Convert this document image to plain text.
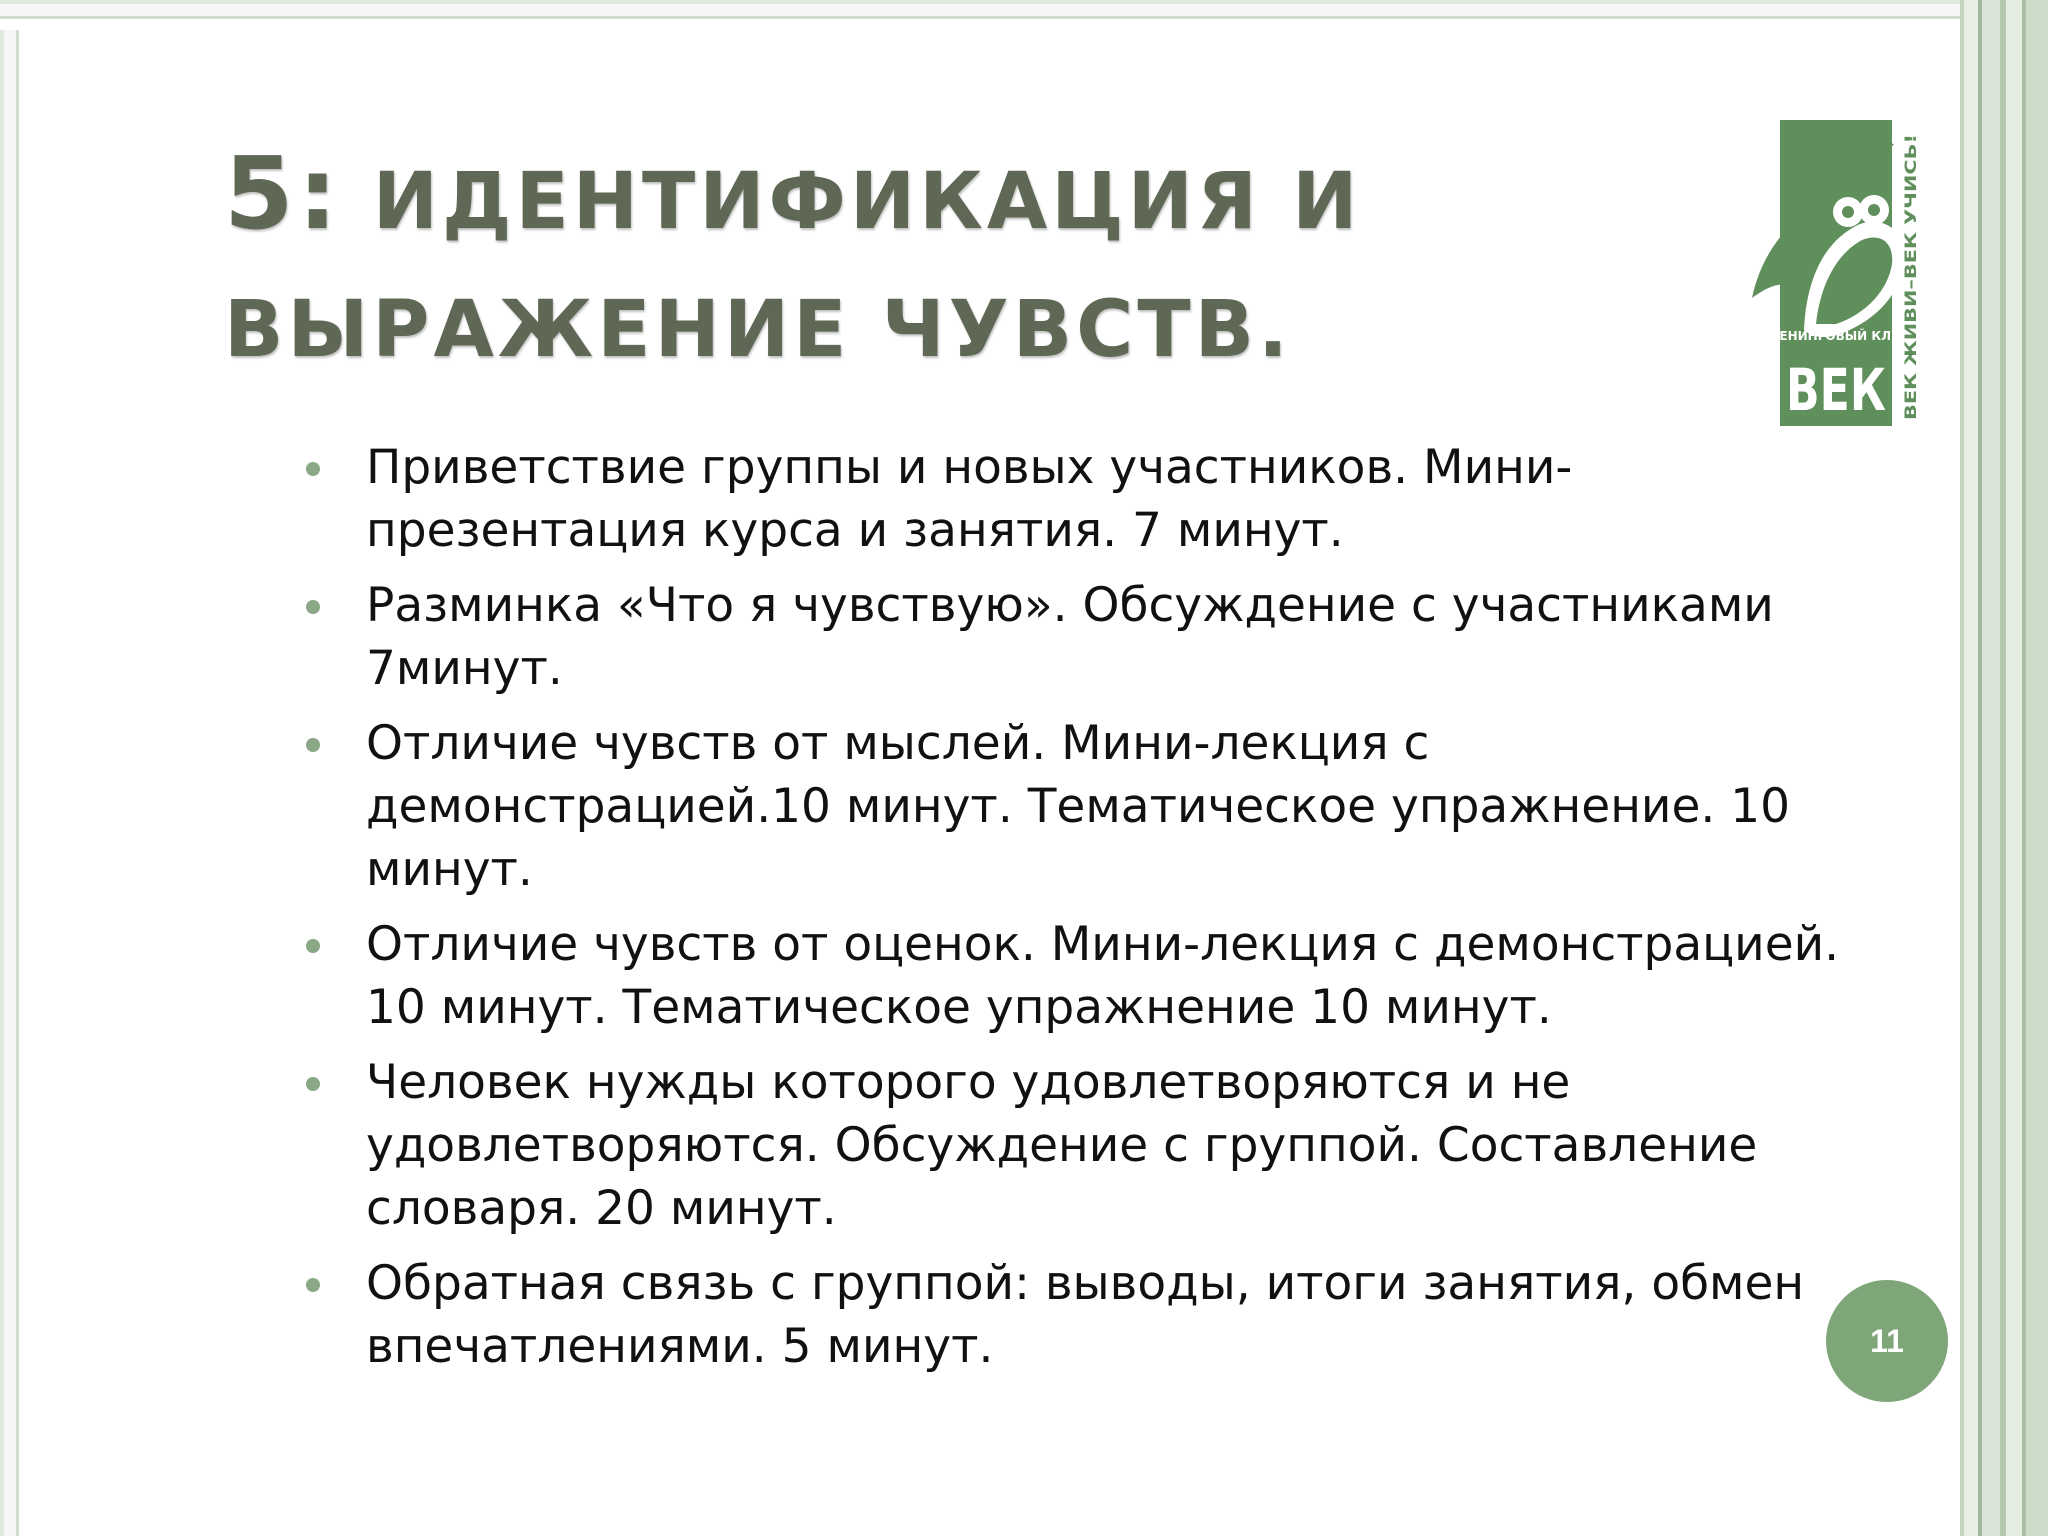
5: ИДЕНТИФИКАЦИЯ И
ВЫРАЖЕНИЕ ЧУВСТВ.	ТРЕНИНГОВЫЙ КЛУБ
ВЕК ВЕК ЖИВИ–ВЕК УЧИСЬ!
Приветствие группы и новых участников. Мини-презентация курса и занятия. 7 минут.
Разминка «Что я чувствую». Обсуждение с участниками 7минут.
Отличие чувств от мыслей. Мини-лекция с демонстрацией.10 минут. Тематическое упражнение. 10 минут.
Отличие чувств от оценок. Мини-лекция с демонстрацией. 10 минут. Тематическое упражнение 10 минут.
Человек нужды которого удовлетворяются и не удовлетворяются. Обсуждение с группой. Составление словаря. 20 минут.
Обратная связь с группой: выводы, итоги занятия, обмен впечатлениями. 5 минут.	11
